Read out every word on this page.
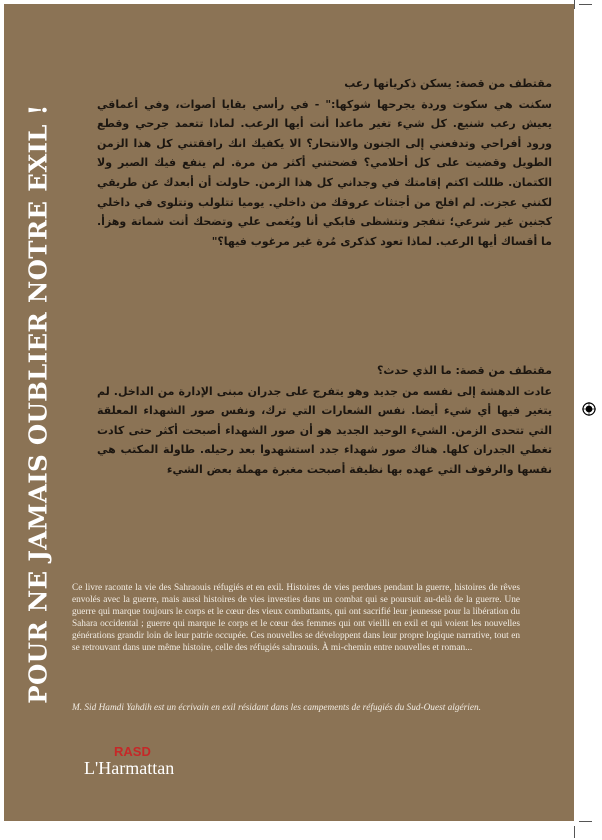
POUR NE JAMAIS OUBLIER NOTRE EXIL !

مقتطف من قصة: يسكن ذكرياتها رعب

سكنت هي سكوت وردة يجرحها شوكها:" - في رأسي بقايا أصوات، وفي أعماقي يعيش رعب شنيع. كل شيء تغير ماعدا أنت أيها الرعب. لماذا تتعمد جرحي وقطع ورود أفراحي وتدفعني إلى الجنون والانتحار؟ الا يكفيك انك رافقتني كل هذا الزمن الطويل وقضيت على كل أحلامي؟ فضحتني أكثر من مرة. لم ينفع فيك الصبر ولا الكتمان. ظللت اكتم إقامتك في وجداني كل هذا الزمن. حاولت أن أبعدك عن طريقي لكنني عجزت. لم افلح من أجتثاث عروقك من داخلي. يوميا تتلولب وتتلوى في داخلي كجنين غير شرعي؛ تنفجر وتتشظى فابكي أنا ويُغمى علي وتضحك أنت شماتة وهزأ. ما أقساك أيها الرعب. لماذا تعود كذكرى مُرة غير مرغوب فيها؟"

مقتطف من قصة: ما الذي حدث؟

عادت الدهشة إلى نفسه من جديد وهو يتفرج على جدران مبنى الإدارة من الداخل. لم يتغير فيها أي شيء أيضا. نفس الشعارات التي ترك، ونفس صور الشهداء المعلقة التي تتحدى الزمن. الشيء الوحيد الجديد هو أن صور الشهداء أصبحت أكثر حتى كادت تغطي الجدران كلها. هناك صور شهداء جدد استشهدوا بعد رحيله. طاولة المكتب هي نفسها والرفوف التي عهده بها نظيفة أصبحت مغبرة مهملة بعض الشيء

Ce livre raconte la vie des Sahraouis réfugiés et en exil. Histoires de vies perdues pendant la guerre, histoires de rêves envolés avec la guerre, mais aussi histoires de vies investies dans un combat qui se poursuit au-delà de la guerre. Une guerre qui marque toujours le corps et le cœur des vieux combattants, qui ont sacrifié leur jeunesse pour la libération du Sahara occidental ; guerre qui marque le corps et le cœur des femmes qui ont vieilli en exil et qui voient les nouvelles générations grandir loin de leur patrie occupée. Ces nouvelles se développent dans leur propre logique narrative, tout en se retrouvant dans une même histoire, celle des réfugiés sahraouis. À mi-chemin entre nouvelles et roman...
M. Sid Hamdi Yahdih est un écrivain en exil résidant dans les campements de réfugiés du Sud-Ouest algérien.
RASD
L'Harmattan
